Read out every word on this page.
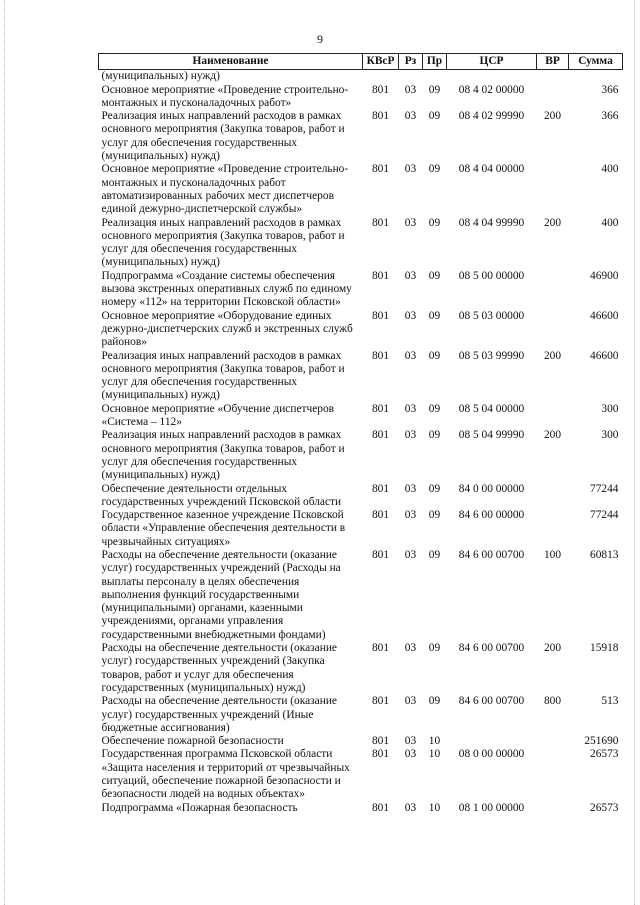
9
Наименование	КВсР	Рз	Пр	ЦСР	ВР	Сумма
(муниципальных) нужд)						
Основное мероприятие «Проведение строительно-монтажных и пусконаладочных работ»	801	03	09	08 4 02 00000		366
Реализация иных направлений расходов в рамках основного мероприятия (Закупка товаров, работ и услуг для обеспечения государственных (муниципальных) нужд)	801	03	09	08 4 02 99990	200	366
Основное мероприятие «Проведение строительно-монтажных и пусконаладочных работ автоматизированных рабочих мест диспетчеров единой дежурно-диспетчерской службы»	801	03	09	08 4 04 00000		400
Реализация иных направлений расходов в рамках основного мероприятия (Закупка товаров, работ и услуг для обеспечения государственных (муниципальных) нужд)	801	03	09	08 4 04 99990	200	400
Подпрограмма «Создание системы обеспечения вызова экстренных оперативных служб по единому номеру «112» на территории Псковской области»	801	03	09	08 5 00 00000		46900
Основное мероприятие «Оборудование единых дежурно-диспетчерских служб и экстренных служб районов»	801	03	09	08 5 03 00000		46600
Реализация иных направлений расходов в рамках основного мероприятия (Закупка товаров, работ и услуг для обеспечения государственных (муниципальных) нужд)	801	03	09	08 5 03 99990	200	46600
Основное мероприятие «Обучение диспетчеров «Система – 112»	801	03	09	08 5 04 00000		300
Реализация иных направлений расходов в рамках основного мероприятия (Закупка товаров, работ и услуг для обеспечения государственных (муниципальных) нужд)	801	03	09	08 5 04 99990	200	300
Обеспечение деятельности отдельных государственных учреждений Псковской области	801	03	09	84 0 00 00000		77244
Государственное казенное учреждение Псковской области «Управление обеспечения деятельности в чрезвычайных ситуациях»	801	03	09	84 6 00 00000		77244
Расходы на обеспечение деятельности (оказание услуг) государственных учреждений (Расходы на выплаты персоналу в целях обеспечения выполнения функций государственными (муниципальными) органами, казенными учреждениями, органами управления государственными внебюджетными фондами)	801	03	09	84 6 00 00700	100	60813
Расходы на обеспечение деятельности (оказание услуг) государственных учреждений (Закупка товаров, работ и услуг для обеспечения государственных (муниципальных) нужд)	801	03	09	84 6 00 00700	200	15918
Расходы на обеспечение деятельности (оказание услуг) государственных учреждений (Иные бюджетные ассигнования)	801	03	09	84 6 00 00700	800	513
Обеспечение пожарной безопасности	801	03	10			251690
Государственная программа Псковской области «Защита населения и территорий от чрезвычайных ситуаций, обеспечение пожарной безопасности и безопасности людей на водных объектах»	801	03	10	08 0 00 00000		26573
Подпрограмма «Пожарная безопасность	801	03	10	08 1 00 00000		26573
